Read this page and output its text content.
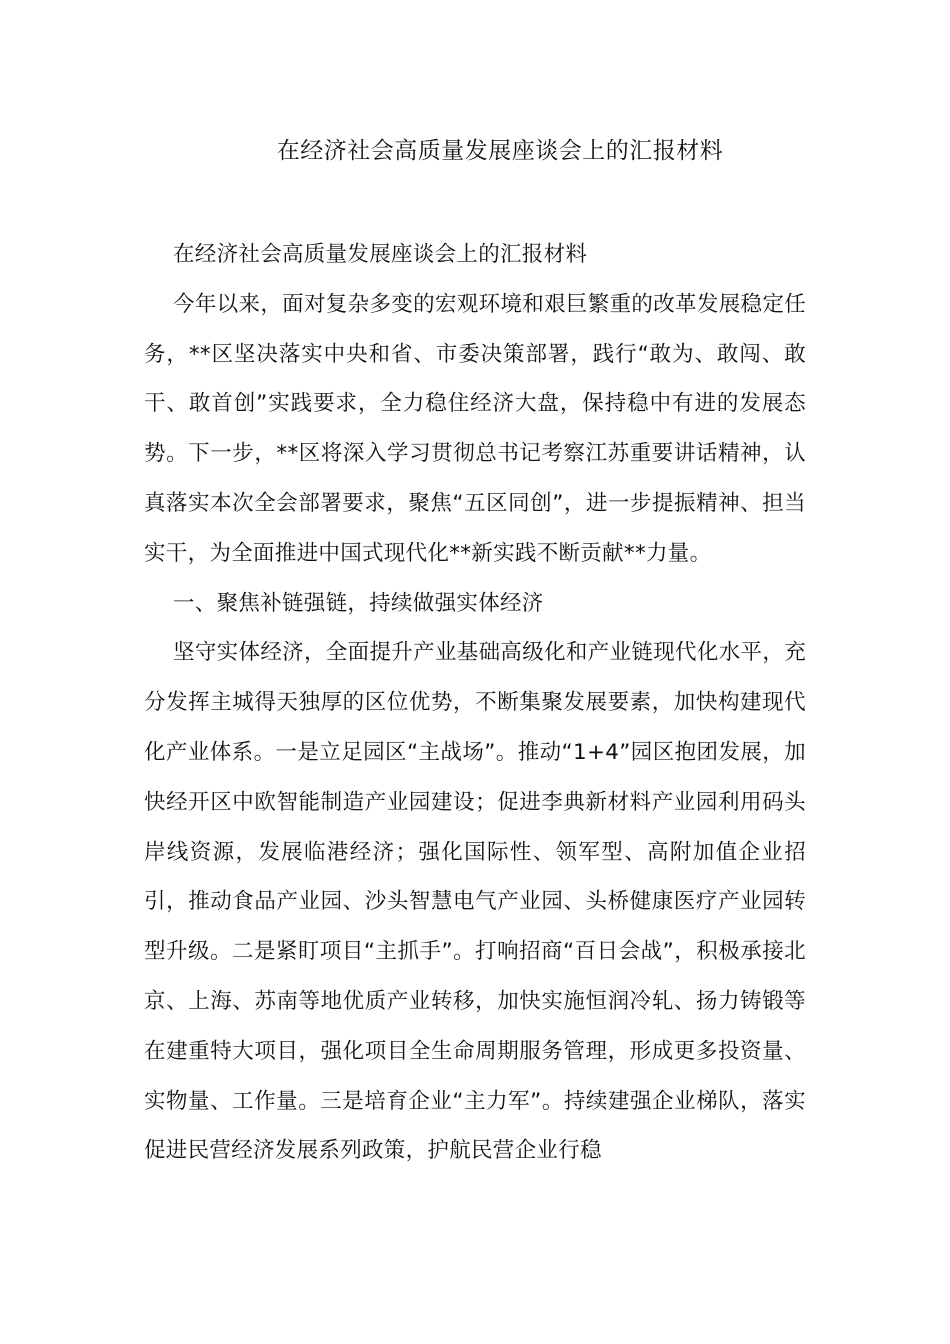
在经济社会高质量发展座谈会上的汇报材料

在经济社会高质量发展座谈会上的汇报材料

今年以来，面对复杂多变的宏观环境和艰巨繁重的改革发展稳定任务，**区坚决落实中央和省、市委决策部署，践行“敢为、敢闯、敢干、敢首创”实践要求，全力稳住经济大盘，保持稳中有进的发展态势。下一步，**区将深入学习贯彻总书记考察江苏重要讲话精神，认真落实本次全会部署要求，聚焦“五区同创”，进一步提振精神、担当实干，为全面推进中国式现代化**新实践不断贡献**力量。

一、聚焦补链强链，持续做强实体经济

坚守实体经济，全面提升产业基础高级化和产业链现代化水平，充分发挥主城得天独厚的区位优势，不断集聚发展要素，加快构建现代化产业体系。一是立足园区“主战场”。推动“1+4”园区抱团发展，加快经开区中欧智能制造产业园建设；促进李典新材料产业园利用码头岸线资源，发展临港经济；强化国际性、领军型、高附加值企业招引，推动食品产业园、沙头智慧电气产业园、头桥健康医疗产业园转型升级。二是紧盯项目“主抓手”。打响招商“百日会战”，积极承接北京、上海、苏南等地优质产业转移，加快实施恒润冷轧、扬力铸锻等在建重特大项目，强化项目全生命周期服务管理，形成更多投资量、实物量、工作量。三是培育企业“主力军”。持续建强企业梯队，落实促进民营经济发展系列政策，护航民营企业行稳
